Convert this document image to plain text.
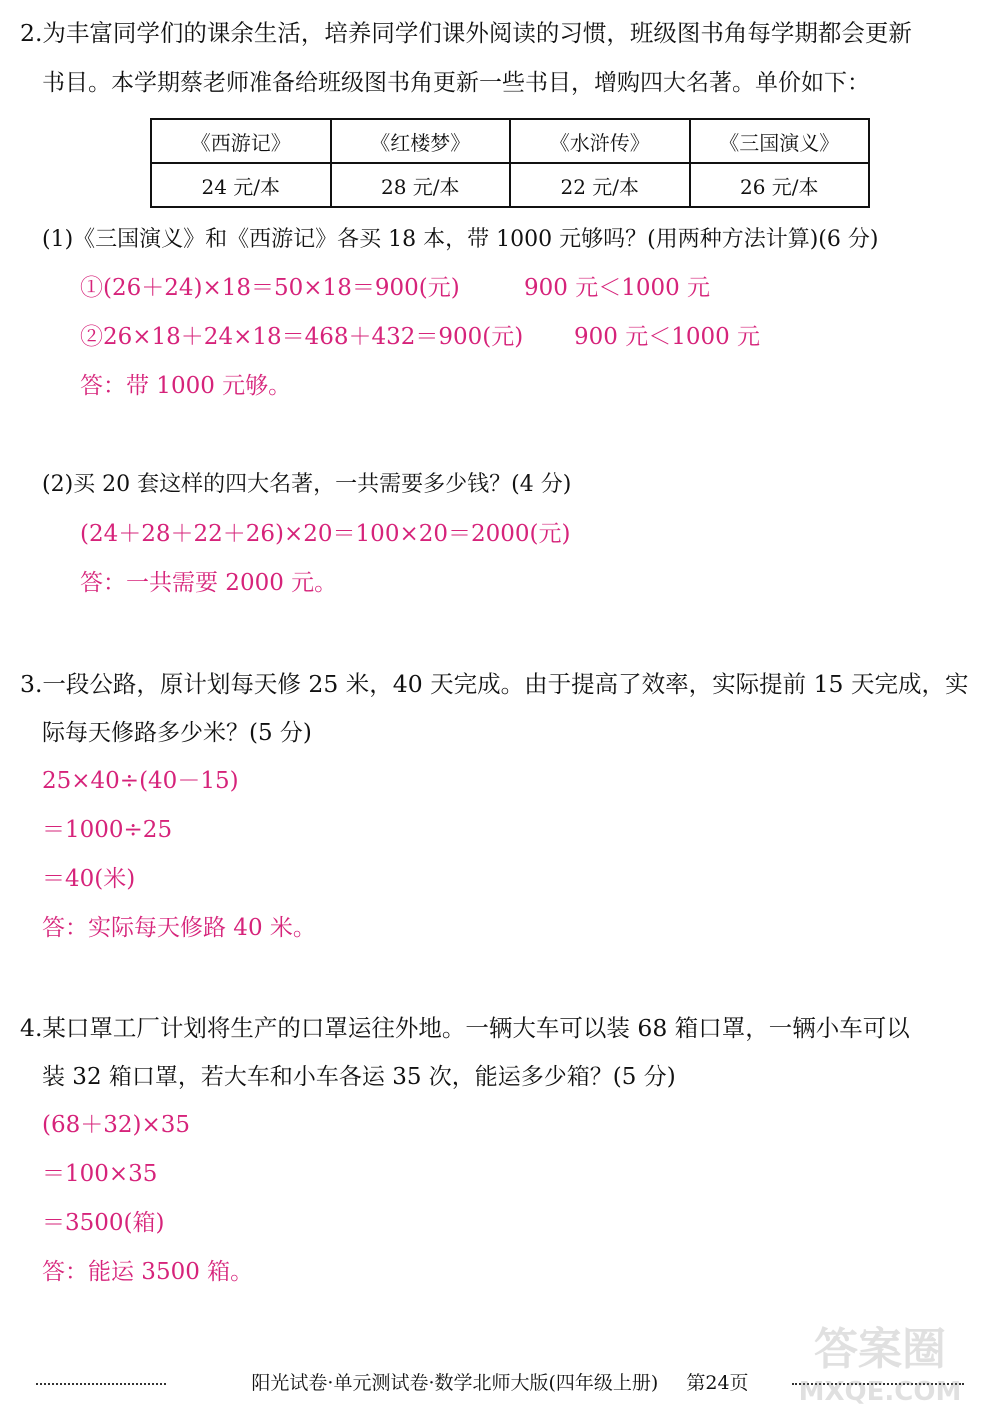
2.为丰富同学们的课余生活，培养同学们课外阅读的习惯，班级图书角每学期都会更新
书目。本学期蔡老师准备给班级图书角更新一些书目，增购四大名著。单价如下：
《西游记》	《红楼梦》	《水浒传》	《三国演义》
24 元/本	28 元/本	22 元/本	26 元/本
(1)《三国演义》和《西游记》各买 18 本，带 1000 元够吗？(用两种方法计算)(6 分)
①(26＋24)×18＝50×18＝900(元)	900 元＜1000 元
②26×18＋24×18＝468＋432＝900(元) 900 元＜1000 元
答：带 1000 元够。
(2)买 20 套这样的四大名著，一共需要多少钱？(4 分)
(24＋28＋22＋26)×20＝100×20＝2000(元)
答：一共需要 2000 元。
3.一段公路，原计划每天修 25 米，40 天完成。由于提高了效率，实际提前 15 天完成，实
际每天修路多少米？(5 分)
25×40÷(40－15)
＝1000÷25
＝40(米)
答：实际每天修路 40 米。
4.某口罩工厂计划将生产的口罩运往外地。一辆大车可以装 68 箱口罩，一辆小车可以
装 32 箱口罩，若大车和小车各运 35 次，能运多少箱？(5 分)
(68＋32)×35
＝100×35
＝3500(箱)
答：能运 3500 箱。
阳光试卷·单元测试卷·数学北师大版(四年级上册) 第24页
答案圈
MXQE.COM
